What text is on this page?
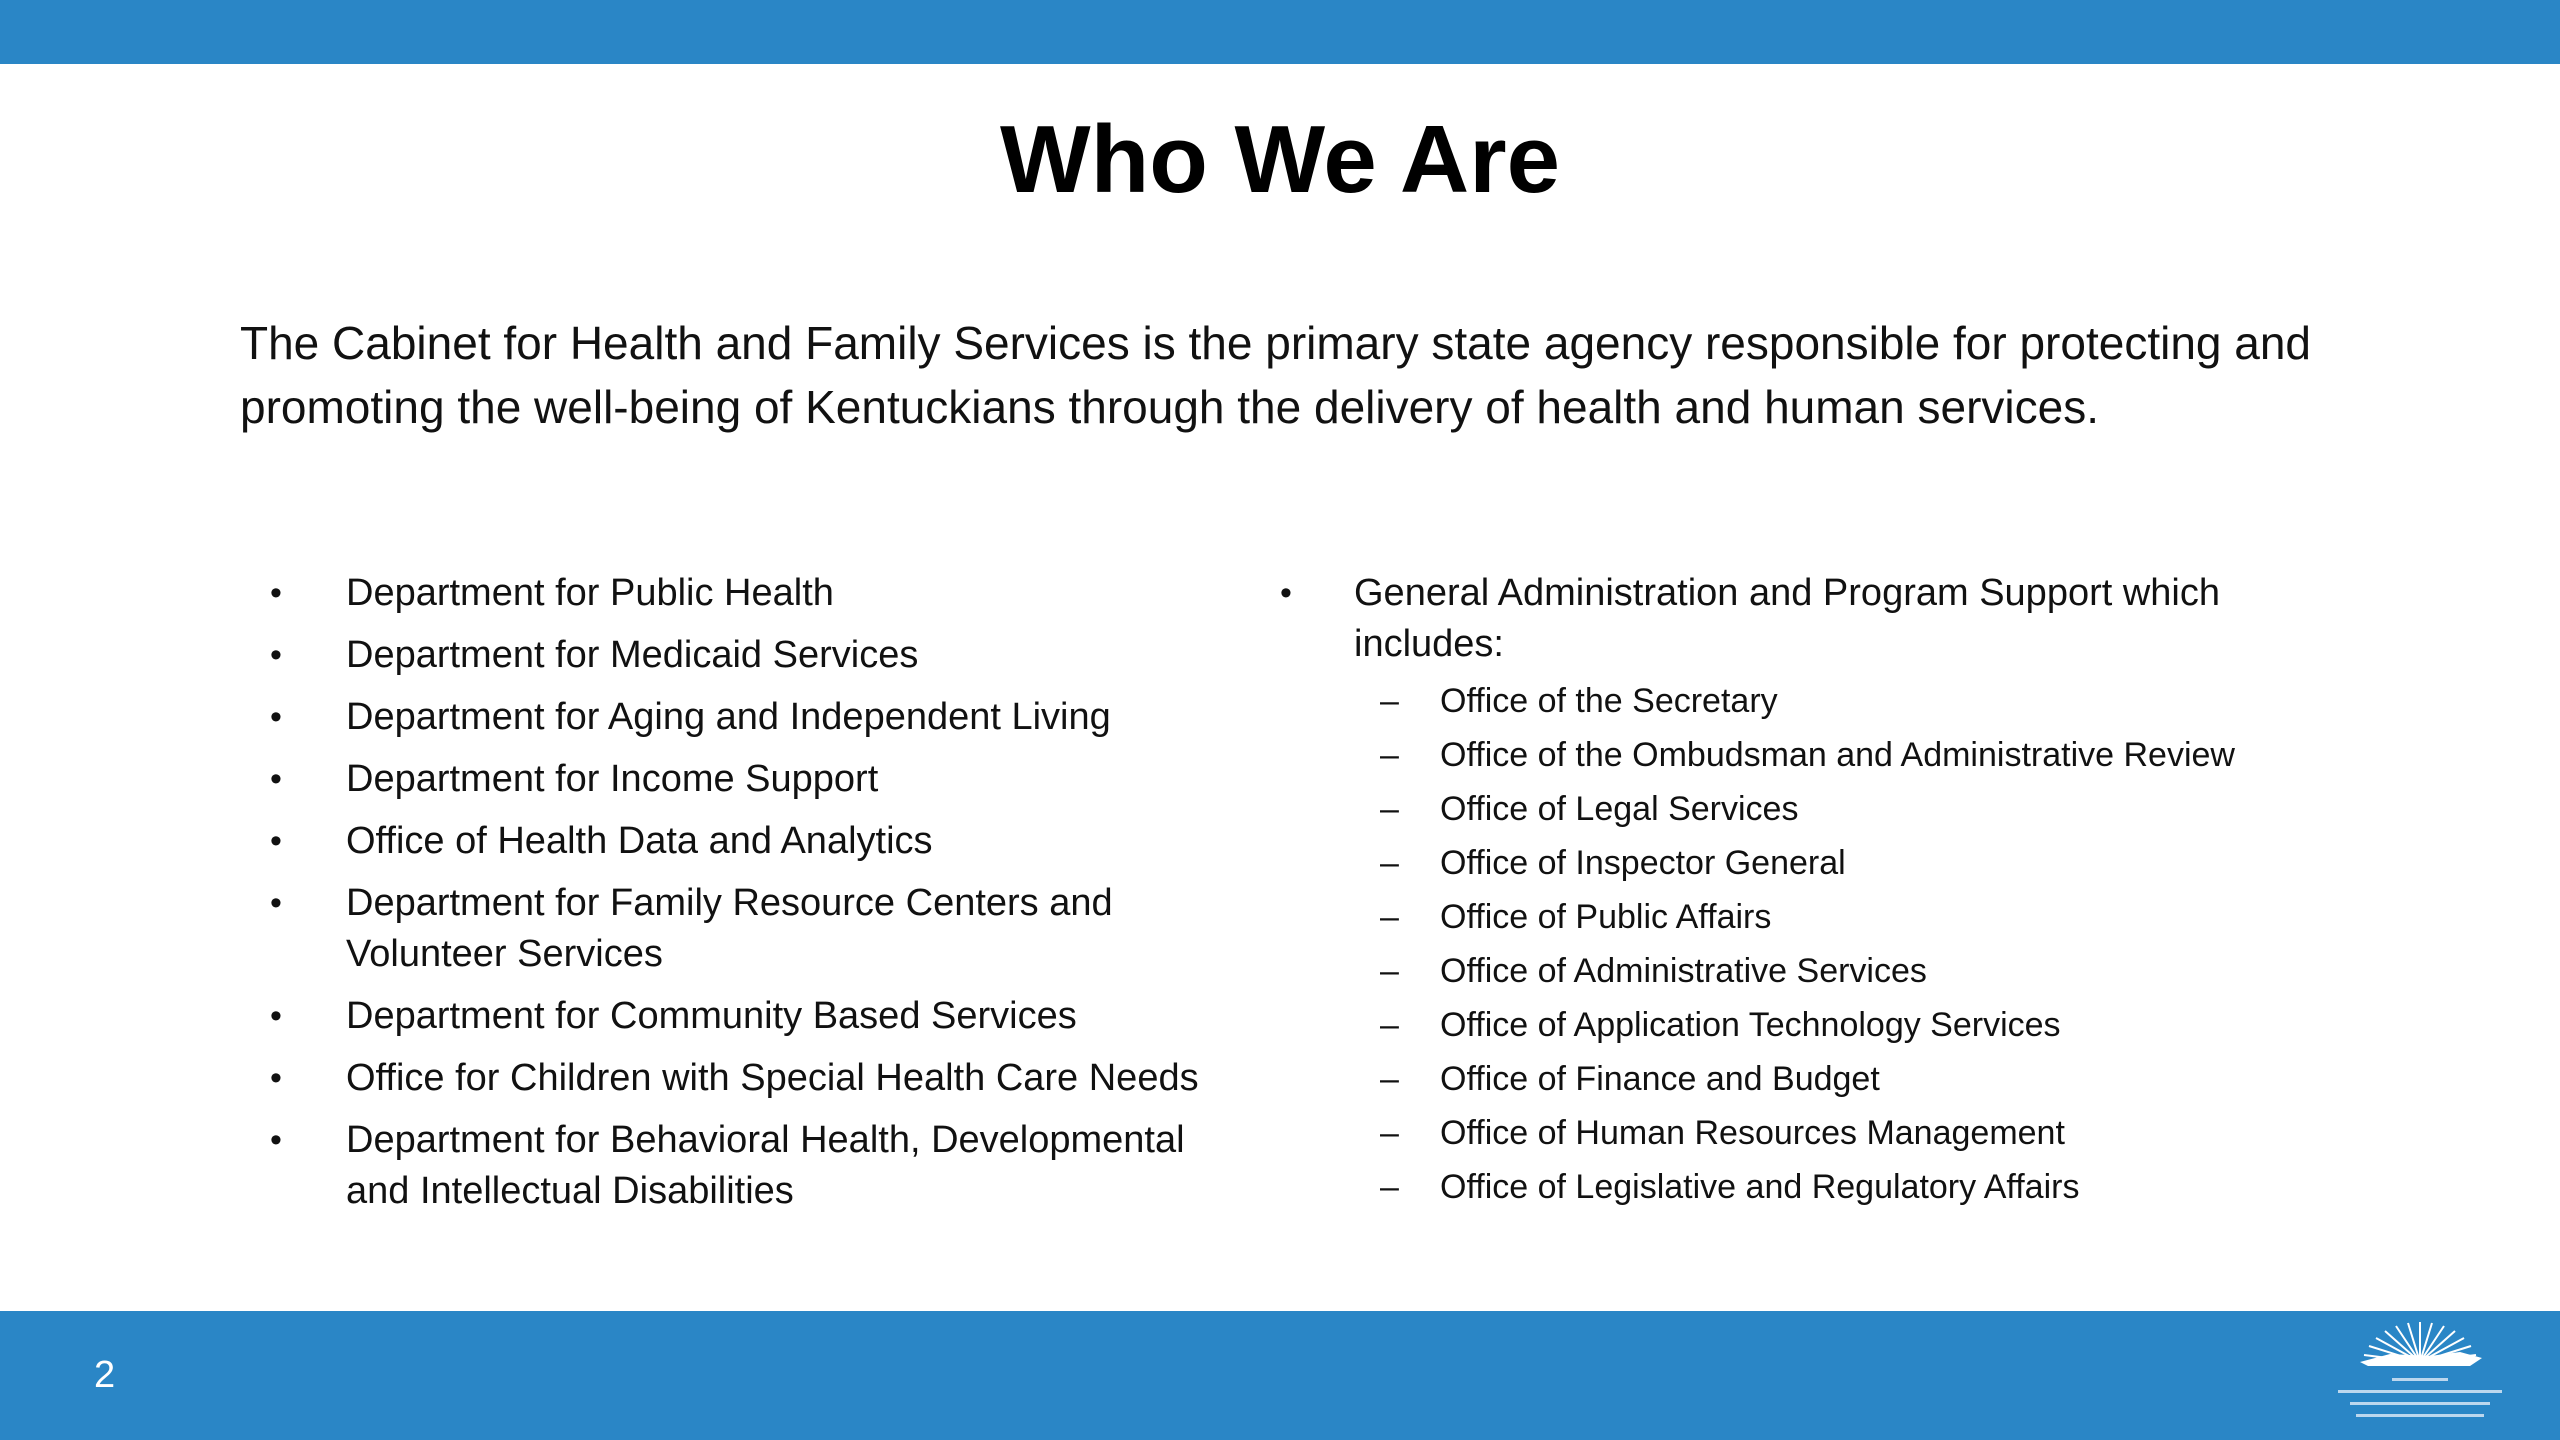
Who We Are
The Cabinet for Health and Family Services is the primary state agency responsible for protecting and promoting the well-being of Kentuckians through the delivery of health and human services.
•	Department for Public Health
•	Department for Medicaid Services
•	Department for Aging and Independent Living
•	Department for Income Support
•	Office of Health Data and Analytics
•	Department for Family Resource Centers and Volunteer Services
•	Department for Community Based Services
•	Office for Children with Special Health Care Needs
•	Department for Behavioral Health, Developmental and Intellectual Disabilities
•	General Administration and Program Support which includes:
– Office of the Secretary
– Office of the Ombudsman and Administrative Review
– Office of Legal Services
– Office of Inspector General
– Office of Public Affairs
– Office of Administrative Services
– Office of Application Technology Services
– Office of Finance and Budget
– Office of Human Resources Management
– Office of Legislative and Regulatory Affairs
2
